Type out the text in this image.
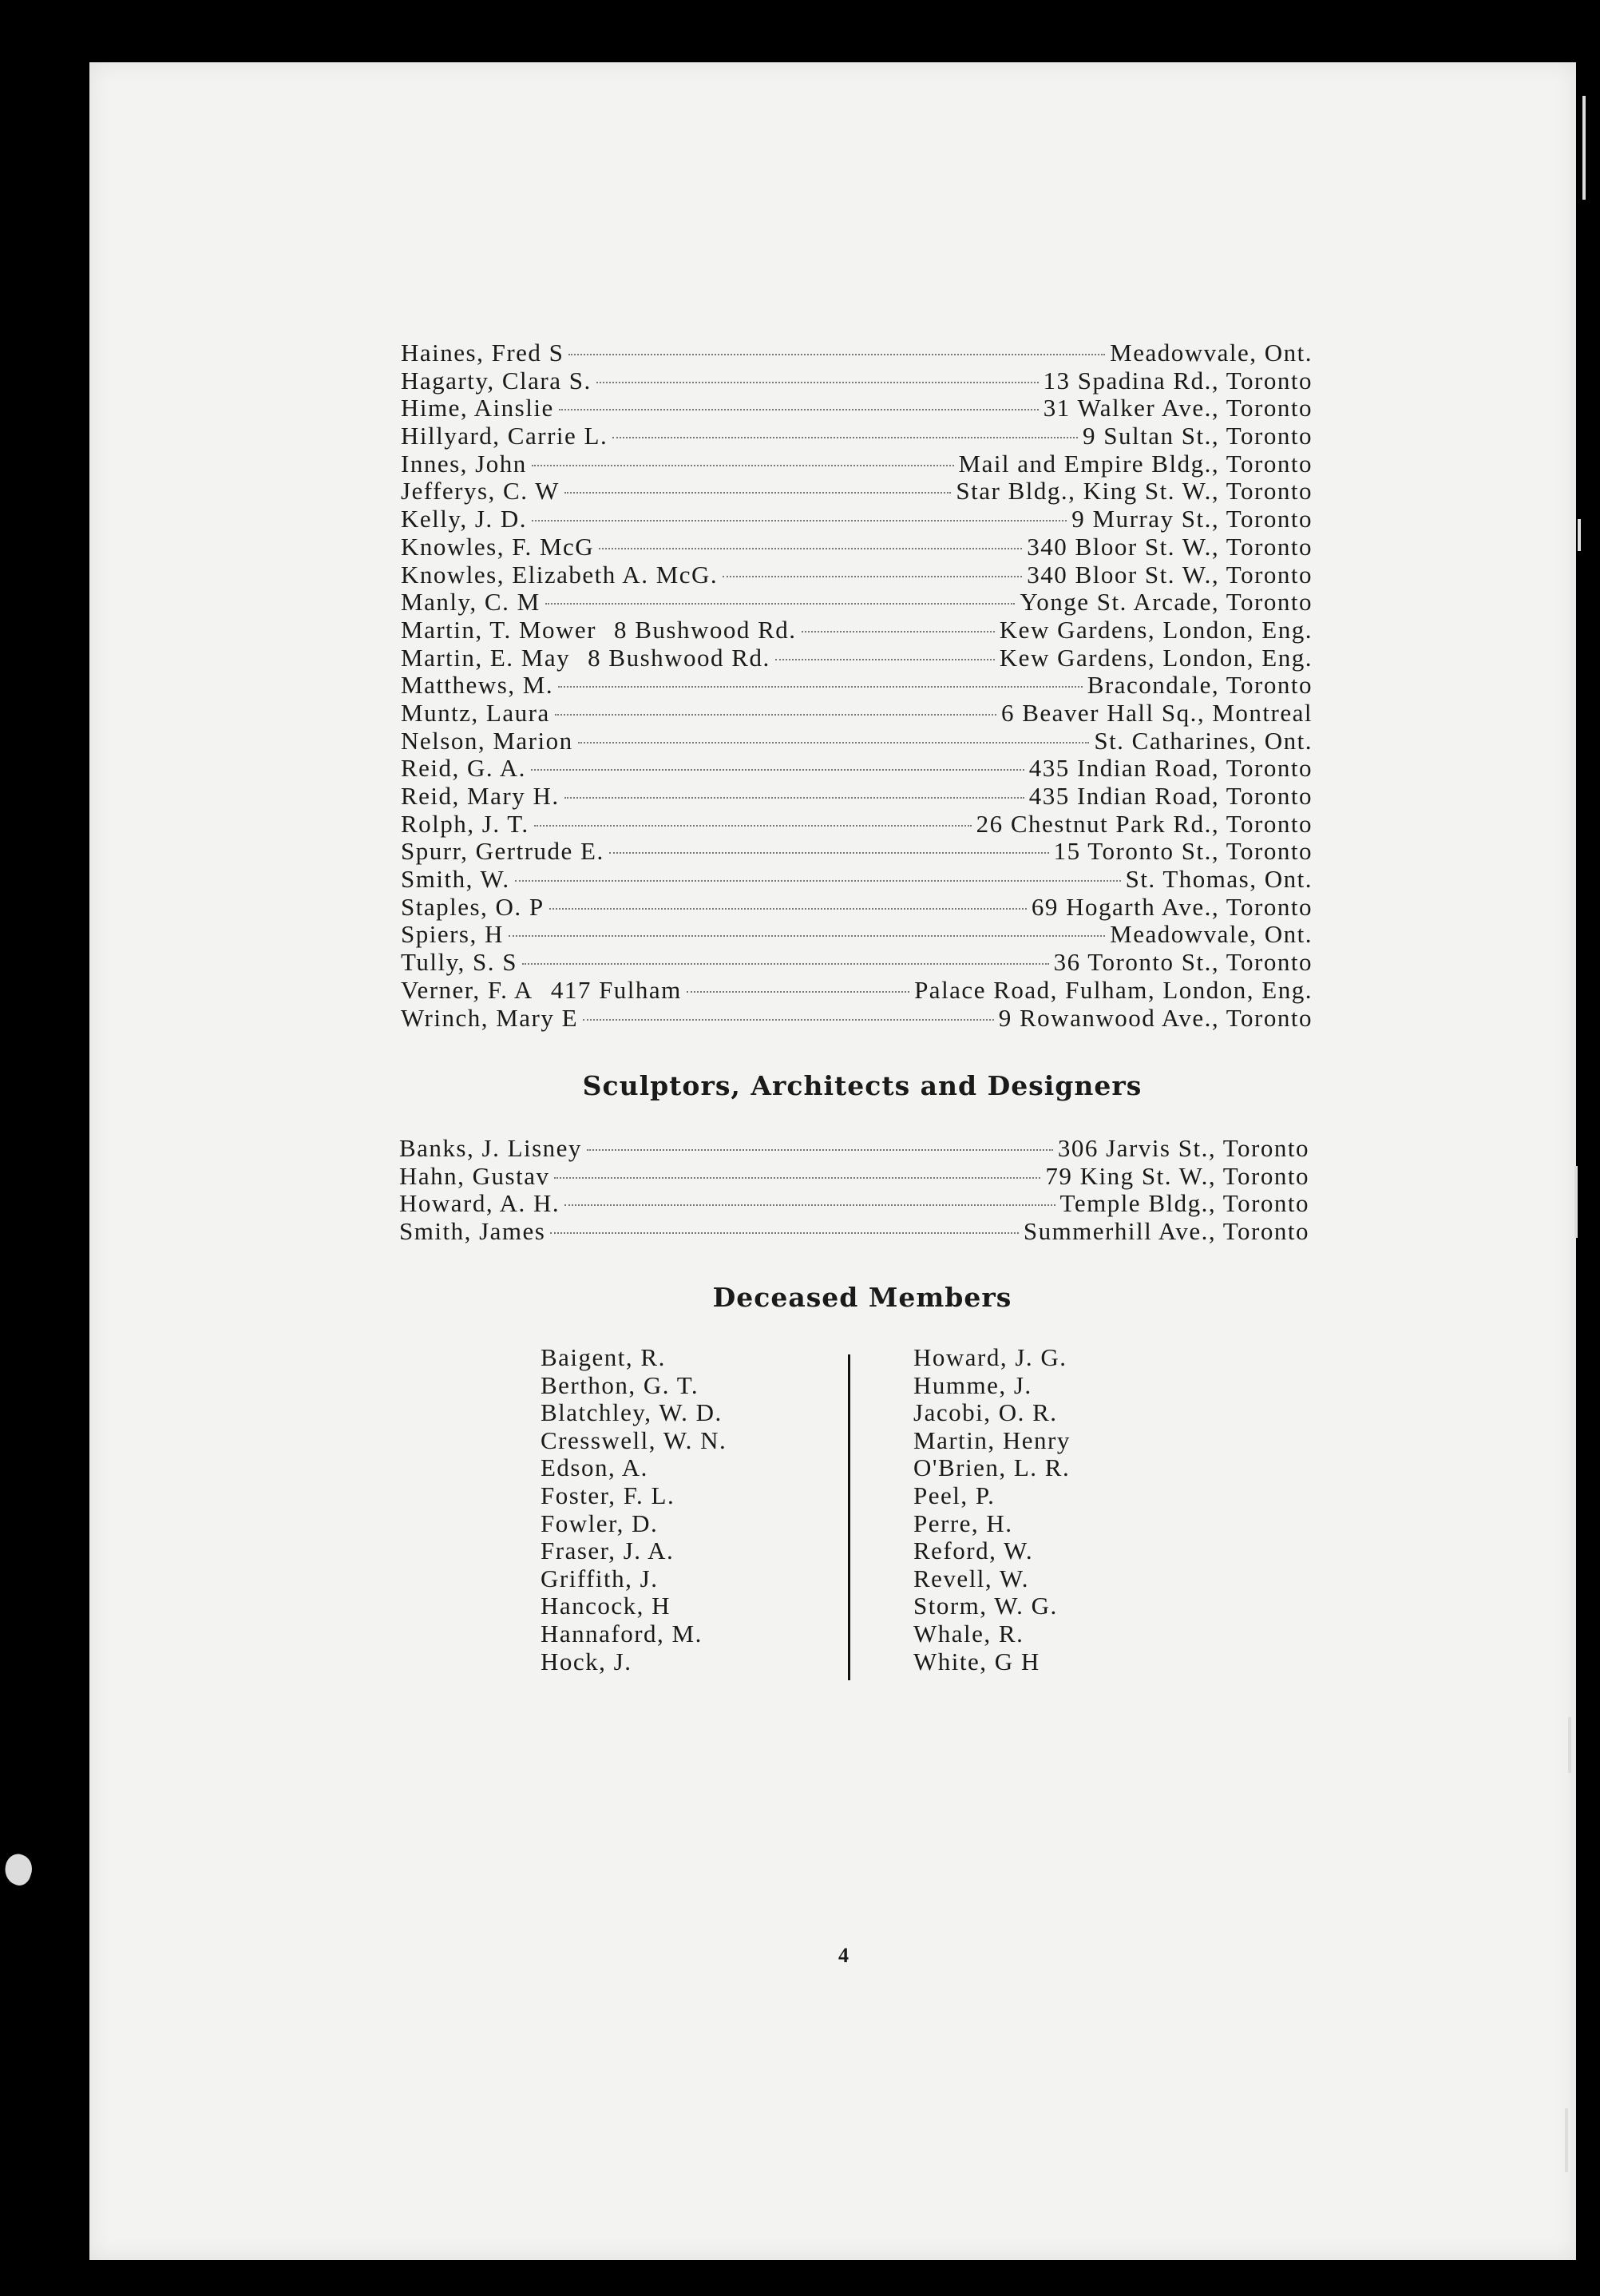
Haines, Fred S	Meadowvale, Ont.
Hagarty, Clara S.	13 Spadina Rd., Toronto
Hime, Ainslie	31 Walker Ave., Toronto
Hillyard, Carrie L.	9 Sultan St., Toronto
Innes, John	Mail and Empire Bldg., Toronto
Jefferys, C. W	Star Bldg., King St. W., Toronto
Kelly, J. D.	9 Murray St., Toronto
Knowles, F. McG	340 Bloor St. W., Toronto
Knowles, Elizabeth A. McG.	340 Bloor St. W., Toronto
Manly, C. M	Yonge St. Arcade, Toronto
Martin, T. Mower 8 Bushwood Rd.	Kew Gardens, London, Eng.
Martin, E. May 8 Bushwood Rd.	Kew Gardens, London, Eng.
Matthews, M.	Bracondale, Toronto
Muntz, Laura	6 Beaver Hall Sq., Montreal
Nelson, Marion	St. Catharines, Ont.
Reid, G. A.	435 Indian Road, Toronto
Reid, Mary H.	435 Indian Road, Toronto
Rolph, J. T.	26 Chestnut Park Rd., Toronto
Spurr, Gertrude E.	15 Toronto St., Toronto
Smith, W.	St. Thomas, Ont.
Staples, O. P	69 Hogarth Ave., Toronto
Spiers, H	Meadowvale, Ont.
Tully, S. S	36 Toronto St., Toronto
Verner, F. A 417 Fulham	Palace Road, Fulham, London, Eng.
Wrinch, Mary E	9 Rowanwood Ave., Toronto
Sculptors, Architects and Designers
Banks, J. Lisney	306 Jarvis St., Toronto
Hahn, Gustav	79 King St. W., Toronto
Howard, A. H.	Temple Bldg., Toronto
Smith, James	Summerhill Ave., Toronto
Deceased Members
Baigent, R.
Berthon, G. T.
Blatchley, W. D.
Cresswell, W. N.
Edson, A.
Foster, F. L.
Fowler, D.
Fraser, J. A.
Griffith, J.
Hancock, H
Hannaford, M.
Hock, J.
Howard, J. G.
Humme, J.
Jacobi, O. R.
Martin, Henry
O'Brien, L. R.
Peel, P.
Perre, H.
Reford, W.
Revell, W.
Storm, W. G.
Whale, R.
White, G H
4
